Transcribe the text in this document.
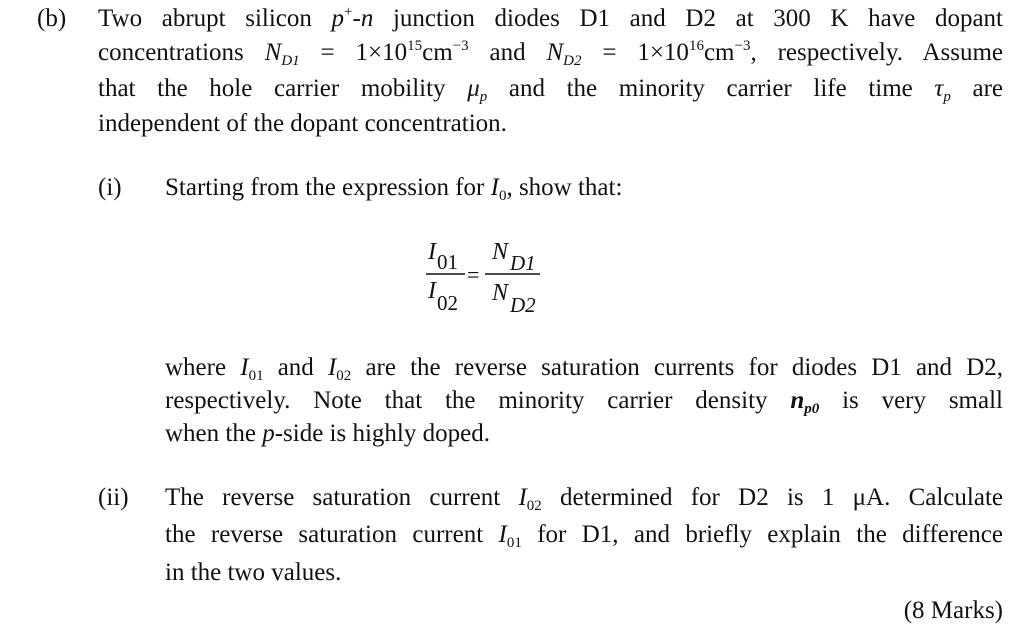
(b) Two abrupt silicon p+-n junction diodes D1 and D2 at 300 K have dopant
concentrations $N_{D1} = 1\times 10^{15}cm^{-3}$ and $N_{D2} = 1\times 10^{16}cm^{-3}$, respectively. Assume
that the hole carrier mobility $\mu_p$ and the minority carrier life time $\tau_p$ are
independent of the dopant concentration.
(i) Starting from the expression for $I_0$, show that:
I 01
I 02
=
N D1
N D2
where $I_{01}$ and $I_{02}$ are the reverse saturation currents for diodes D1 and D2,
respectively. Note that the minority carrier density $n_{p0}$ is very small
when the p-side is highly doped.
(ii) The reverse saturation current $I_{02}$ determined for D2 is 1 μA. Calculate
the reverse saturation current $I_{01}$ for D1, and briefly explain the difference
in the two values.
(8 Marks)
